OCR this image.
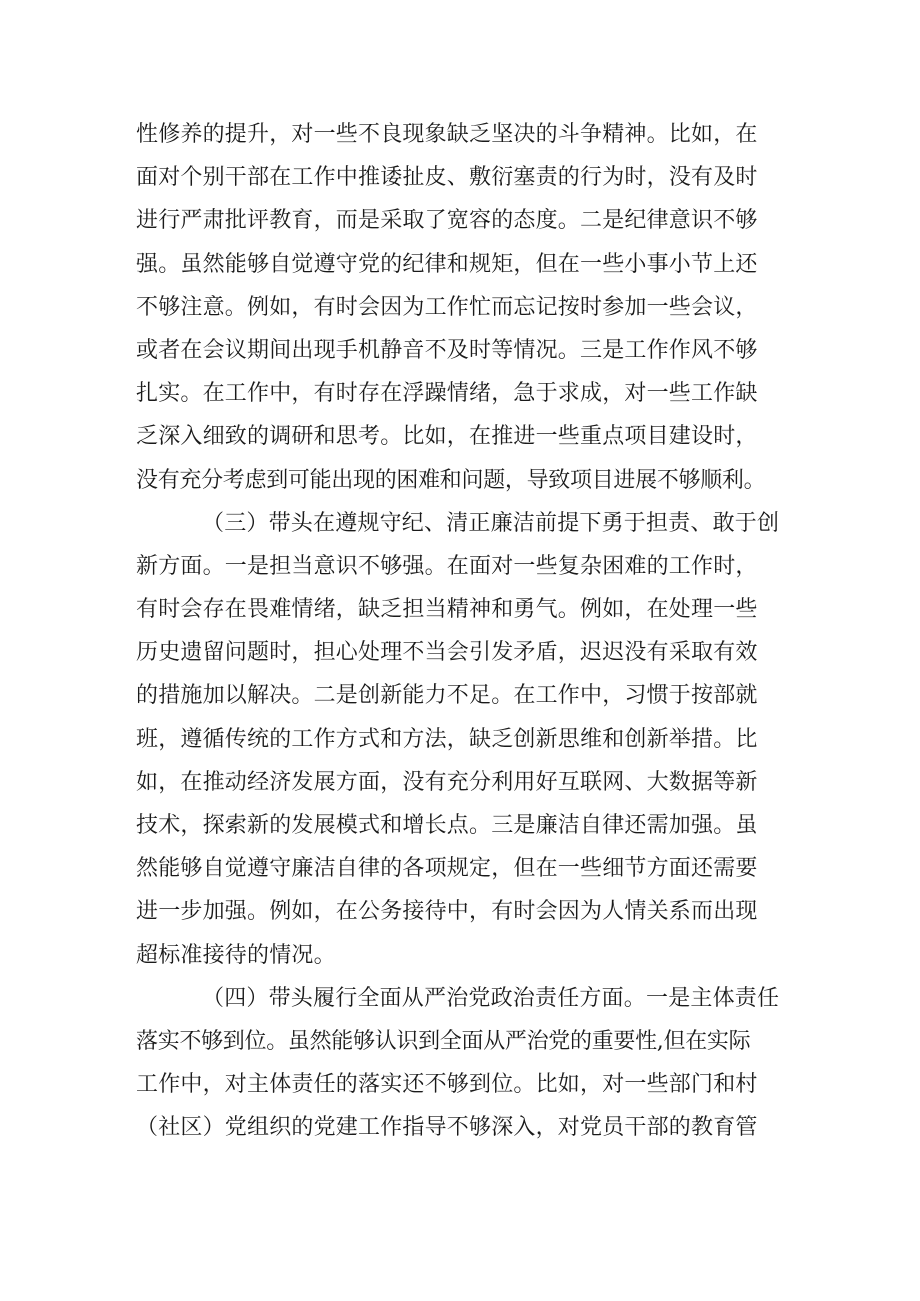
性修养的提升，对一些不良现象缺乏坚决的斗争精神。比如，在
面对个别干部在工作中推诿扯皮、敷衍塞责的行为时，没有及时
进行严肃批评教育，而是采取了宽容的态度。二是纪律意识不够
强。虽然能够自觉遵守党的纪律和规矩，但在一些小事小节上还
不够注意。例如，有时会因为工作忙而忘记按时参加一些会议，
或者在会议期间出现手机静音不及时等情况。三是工作作风不够
扎实。在工作中，有时存在浮躁情绪，急于求成，对一些工作缺
乏深入细致的调研和思考。比如，在推进一些重点项目建设时，
没有充分考虑到可能出现的困难和问题，导致项目进展不够顺利。
（三）带头在遵规守纪、清正廉洁前提下勇于担责、敢于创
新方面。一是担当意识不够强。在面对一些复杂困难的工作时，
有时会存在畏难情绪，缺乏担当精神和勇气。例如，在处理一些
历史遗留问题时，担心处理不当会引发矛盾，迟迟没有采取有效
的措施加以解决。二是创新能力不足。在工作中，习惯于按部就
班，遵循传统的工作方式和方法，缺乏创新思维和创新举措。比
如，在推动经济发展方面，没有充分利用好互联网、大数据等新
技术，探索新的发展模式和增长点。三是廉洁自律还需加强。虽
然能够自觉遵守廉洁自律的各项规定，但在一些细节方面还需要
进一步加强。例如，在公务接待中，有时会因为人情关系而出现
超标准接待的情况。
（四）带头履行全面从严治党政治责任方面。一是主体责任
落实不够到位。虽然能够认识到全面从严治党的重要性,但在实际
工作中，对主体责任的落实还不够到位。比如，对一些部门和村
（社区）党组织的党建工作指导不够深入，对党员干部的教育管
